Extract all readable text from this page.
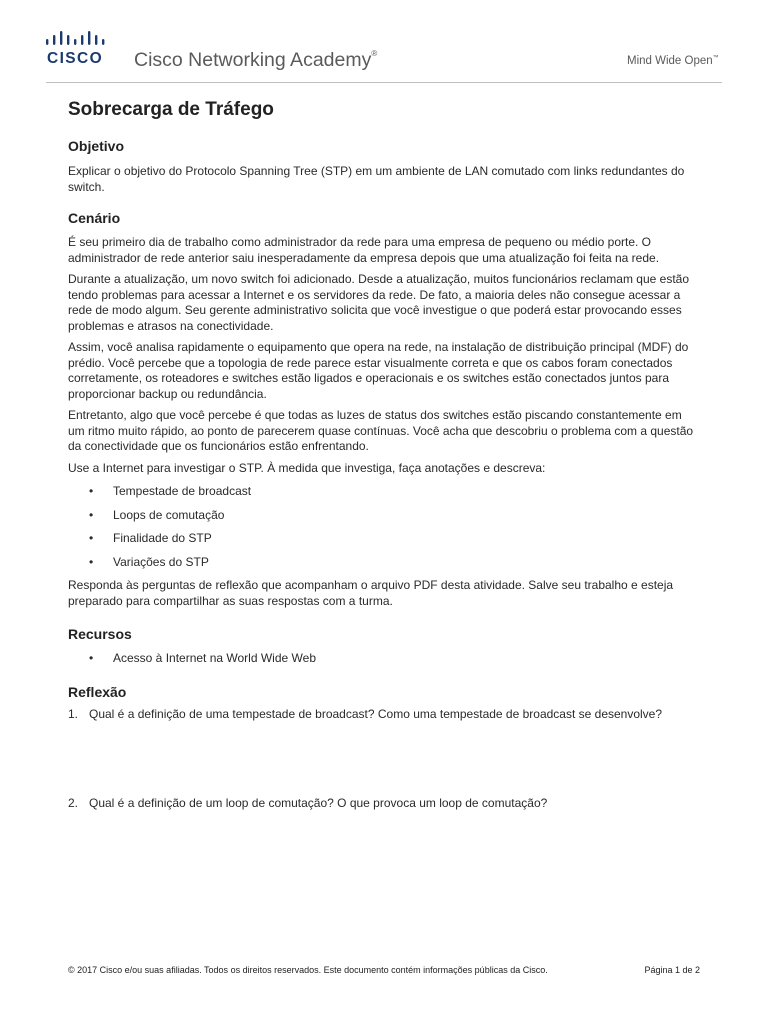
CISCO Cisco Networking Academy®
Mind Wide Open™
Sobrecarga de Tráfego
Objetivo

Explicar o objetivo do Protocolo Spanning Tree (STP) em um ambiente de LAN comutado com links redundantes do switch.

Cenário

É seu primeiro dia de trabalho como administrador da rede para uma empresa de pequeno ou médio porte. O administrador de rede anterior saiu inesperadamente da empresa depois que uma atualização foi feita na rede.

Durante a atualização, um novo switch foi adicionado. Desde a atualização, muitos funcionários reclamam que estão tendo problemas para acessar a Internet e os servidores da rede. De fato, a maioria deles não consegue acessar a rede de modo algum. Seu gerente administrativo solicita que você investigue o que poderá estar provocando esses problemas e atrasos na conectividade.

Assim, você analisa rapidamente o equipamento que opera na rede, na instalação de distribuição principal (MDF) do prédio. Você percebe que a topologia de rede parece estar visualmente correta e que os cabos foram conectados corretamente, os roteadores e switches estão ligados e operacionais e os switches estão conectados juntos para proporcionar backup ou redundância.

Entretanto, algo que você percebe é que todas as luzes de status dos switches estão piscando constantemente em um ritmo muito rápido, ao ponto de parecerem quase contínuas. Você acha que descobriu o problema com a questão da conectividade que os funcionários estão enfrentando.

Use a Internet para investigar o STP. À medida que investiga, faça anotações e descreva:

• Tempestade de broadcast
• Loops de comutação
• Finalidade do STP
• Variações do STP

Responda às perguntas de reflexão que acompanham o arquivo PDF desta atividade. Salve seu trabalho e esteja preparado para compartilhar as suas respostas com a turma.

Recursos
• Acesso à Internet na World Wide Web
Reflexão
1. Qual é a definição de uma tempestade de broadcast? Como uma tempestade de broadcast se desenvolve?
2. Qual é a definição de um loop de comutação? O que provoca um loop de comutação?
© 2017 Cisco e/ou suas afiliadas. Todos os direitos reservados. Este documento contém informações públicas da Cisco.	Página 1 de 2
